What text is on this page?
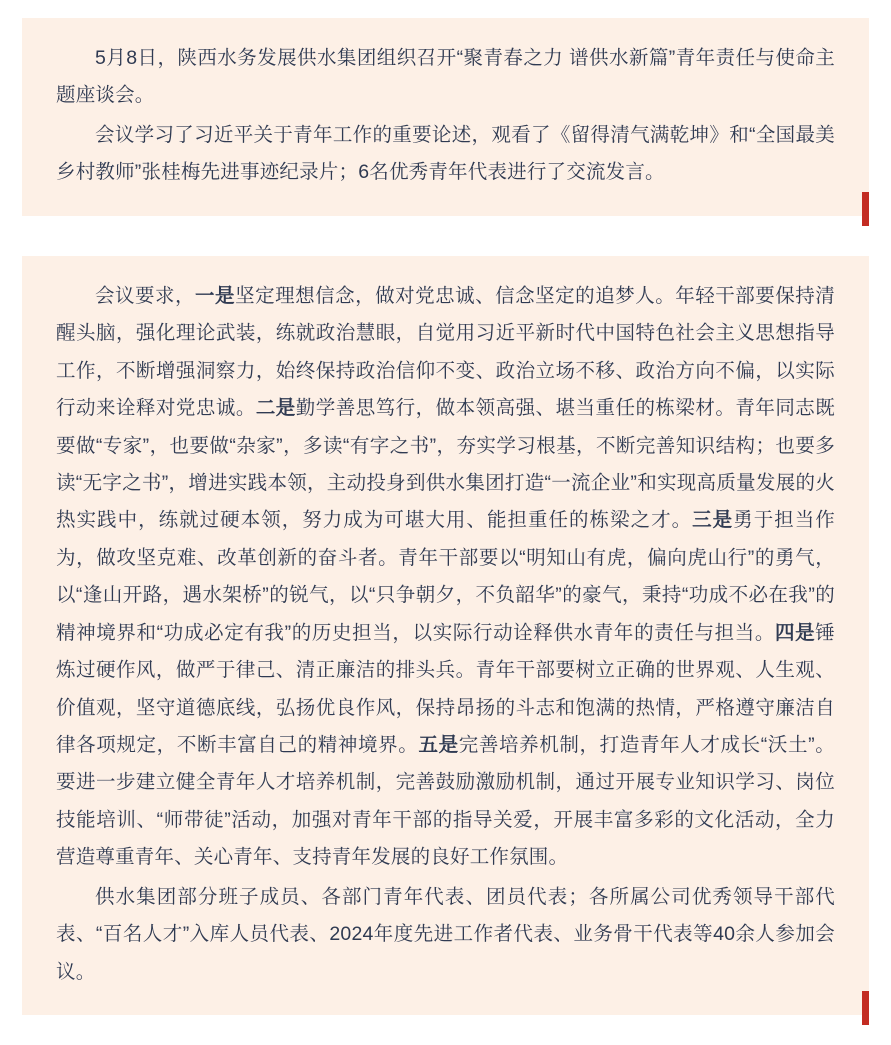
5月8日，陕西水务发展供水集团组织召开“聚青春之力 谱供水新篇”青年责任与使命主题座谈会。

会议学习了习近平关于青年工作的重要论述，观看了《留得清气满乾坤》和“全国最美乡村教师”张桂梅先进事迹纪录片；6名优秀青年代表进行了交流发言。

会议要求，一是坚定理想信念，做对党忠诚、信念坚定的追梦人。年轻干部要保持清醒头脑，强化理论武装，练就政治慧眼，自觉用习近平新时代中国特色社会主义思想指导工作，不断增强洞察力，始终保持政治信仰不变、政治立场不移、政治方向不偏，以实际行动来诠释对党忠诚。二是勤学善思笃行，做本领高强、堪当重任的栋梁材。青年同志既要做“专家”，也要做“杂家”，多读“有字之书”，夯实学习根基，不断完善知识结构；也要多读“无字之书”，增进实践本领，主动投身到供水集团打造“一流企业”和实现高质量发展的火热实践中，练就过硬本领，努力成为可堪大用、能担重任的栋梁之才。三是勇于担当作为，做攻坚克难、改革创新的奋斗者。青年干部要以“明知山有虎，偏向虎山行”的勇气，以“逢山开路，遇水架桥”的锐气，以“只争朝夕，不负韶华”的豪气，秉持“功成不必在我”的精神境界和“功成必定有我”的历史担当，以实际行动诠释供水青年的责任与担当。四是锤炼过硬作风，做严于律己、清正廉洁的排头兵。青年干部要树立正确的世界观、人生观、价值观，坚守道德底线，弘扬优良作风，保持昂扬的斗志和饱满的热情，严格遵守廉洁自律各项规定，不断丰富自己的精神境界。五是完善培养机制，打造青年人才成长“沃土”。要进一步建立健全青年人才培养机制，完善鼓励激励机制，通过开展专业知识学习、岗位技能培训、“师带徒”活动，加强对青年干部的指导关爱，开展丰富多彩的文化活动，全力营造尊重青年、关心青年、支持青年发展的良好工作氛围。

供水集团部分班子成员、各部门青年代表、团员代表；各所属公司优秀领导干部代表、“百名人才”入库人员代表、2024年度先进工作者代表、业务骨干代表等40余人参加会议。
